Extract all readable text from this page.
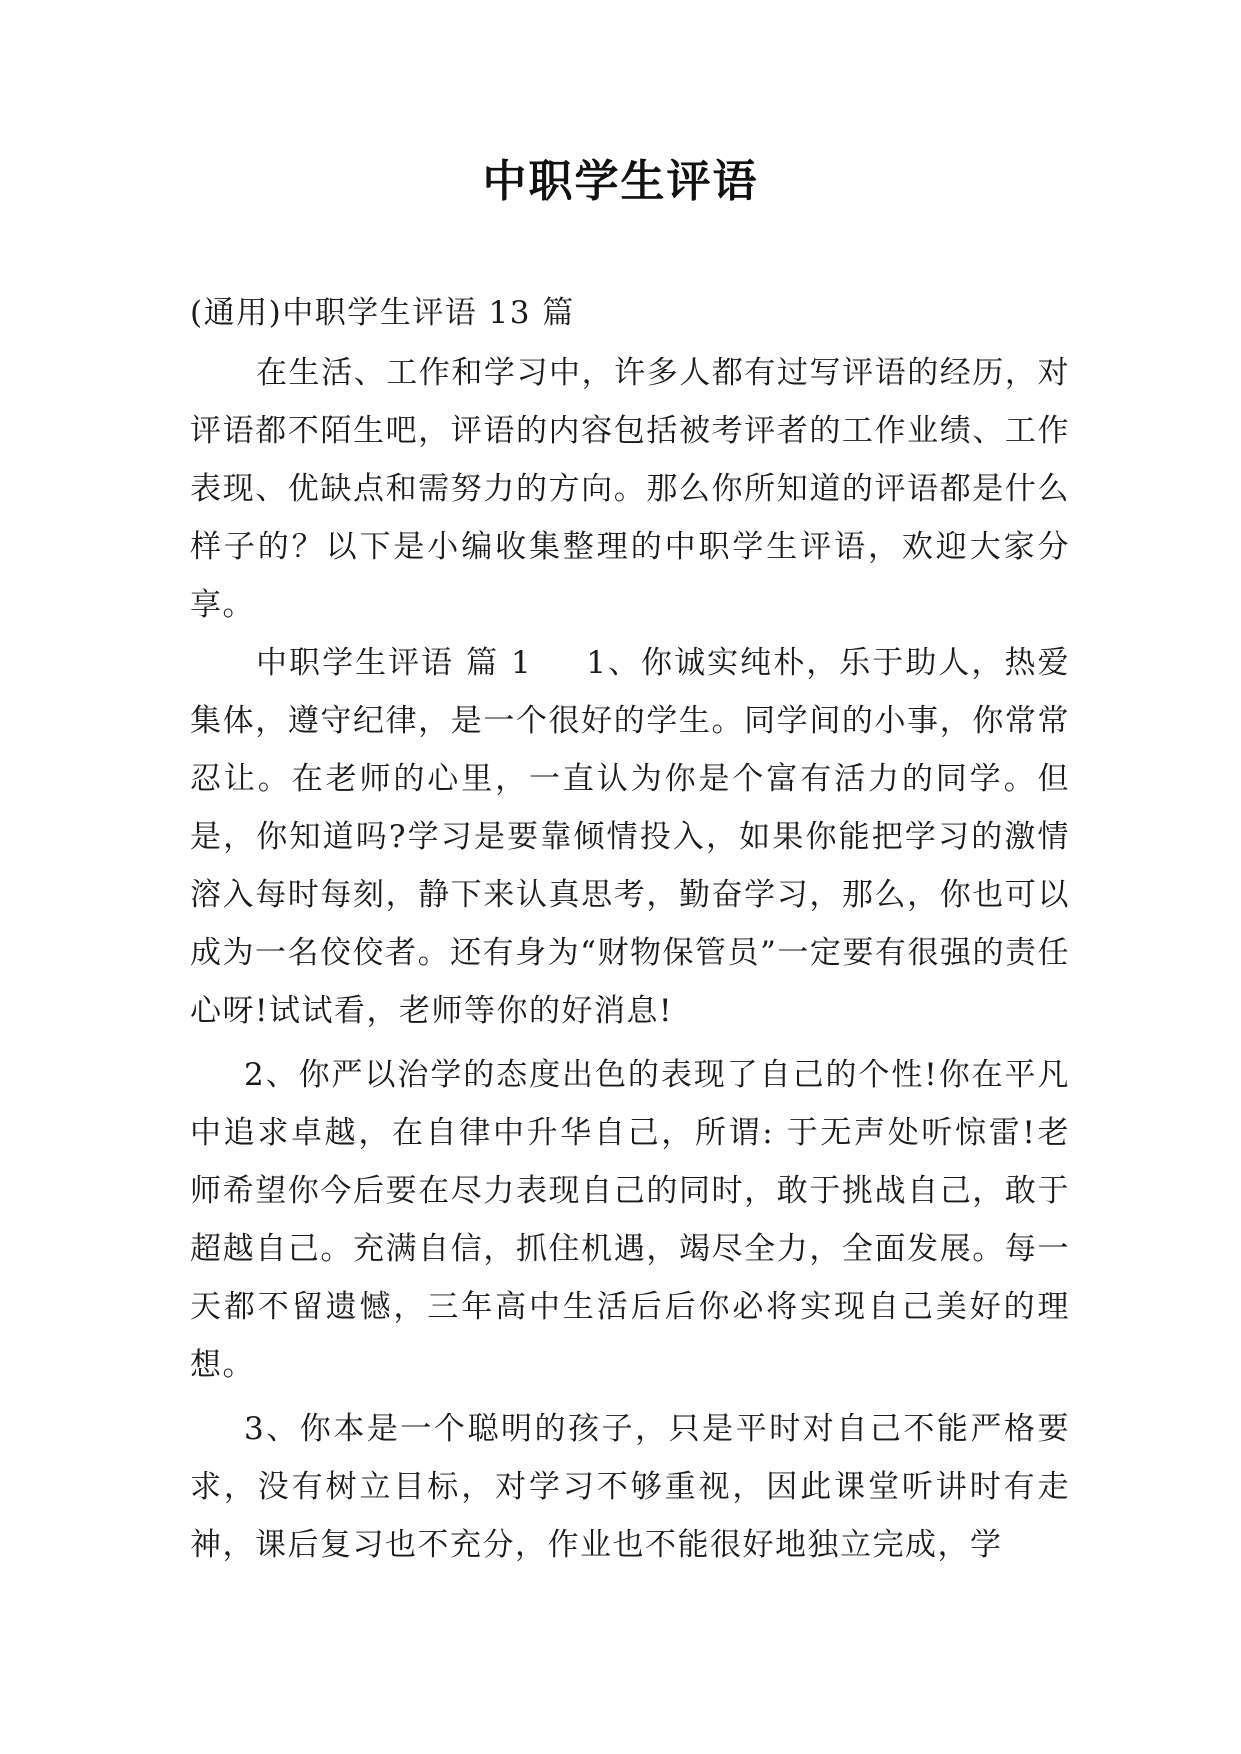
中职学生评语

(通用)中职学生评语 13 篇

在生活、工作和学习中，许多人都有过写评语的经历，对评语都不陌生吧，评语的内容包括被考评者的工作业绩、工作表现、优缺点和需努力的方向。那么你所知道的评语都是什么样子的？以下是小编收集整理的中职学生评语，欢迎大家分享。

中职学生评语 篇 1 1、你诚实纯朴，乐于助人，热爱集体，遵守纪律，是一个很好的学生。同学间的小事，你常常忍让。在老师的心里，一直认为你是个富有活力的同学。但是，你知道吗?学习是要靠倾情投入，如果你能把学习的激情溶入每时每刻，静下来认真思考，勤奋学习，那么，你也可以成为一名佼佼者。还有身为“财物保管员”一定要有很强的责任心呀!试试看，老师等你的好消息!

2、你严以治学的态度出色的表现了自己的个性!你在平凡中追求卓越，在自律中升华自己，所谓: 于无声处听惊雷!老师希望你今后要在尽力表现自己的同时，敢于挑战自己，敢于超越自己。充满自信，抓住机遇，竭尽全力，全面发展。每一天都不留遗憾，三年高中生活后后你必将实现自己美好的理想。

3、你本是一个聪明的孩子，只是平时对自己不能严格要求，没有树立目标，对学习不够重视，因此课堂听讲时有走神，课后复习也不充分，作业也不能很好地独立完成，学
